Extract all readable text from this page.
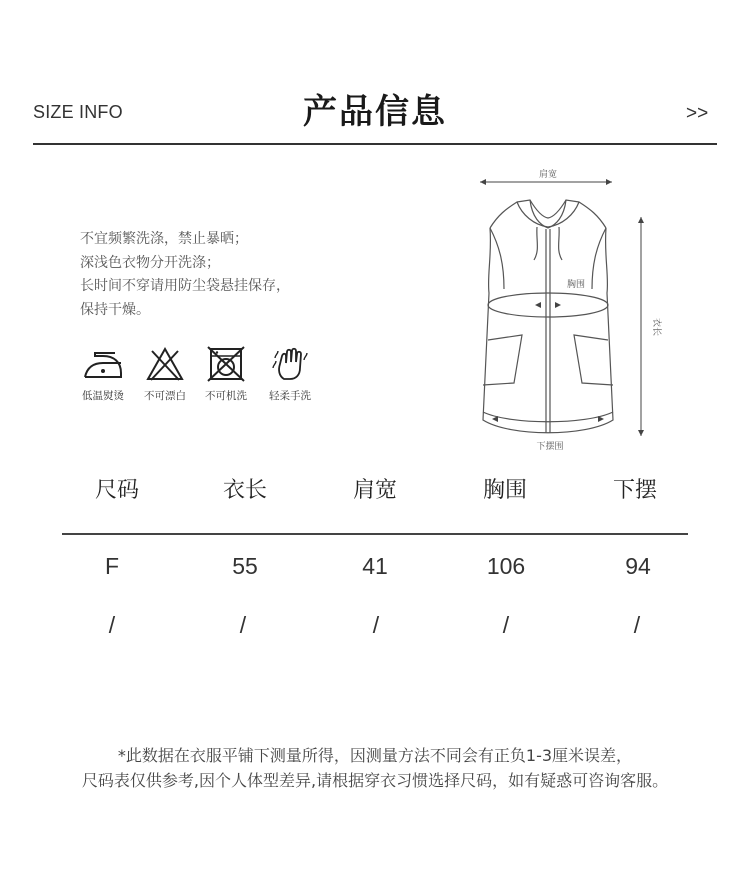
SIZE INFO	产品信息	>>
不宜频繁洗涤，禁止暴晒；
深浅色衣物分开洗涤；
长时间不穿请用防尘袋悬挂保存，
保持干燥。
低温熨烫	不可漂白	不可机洗	轻柔手洗
肩宽
胸围
下摆围
衣长
尺码	衣长	肩宽	胸围	下摆
F	55	41	106	94
/	/	/	/	/
*此数据在衣服平铺下测量所得，因测量方法不同会有正负1-3厘米误差，
尺码表仅供参考,因个人体型差异,请根据穿衣习惯选择尺码，如有疑惑可咨询客服。
